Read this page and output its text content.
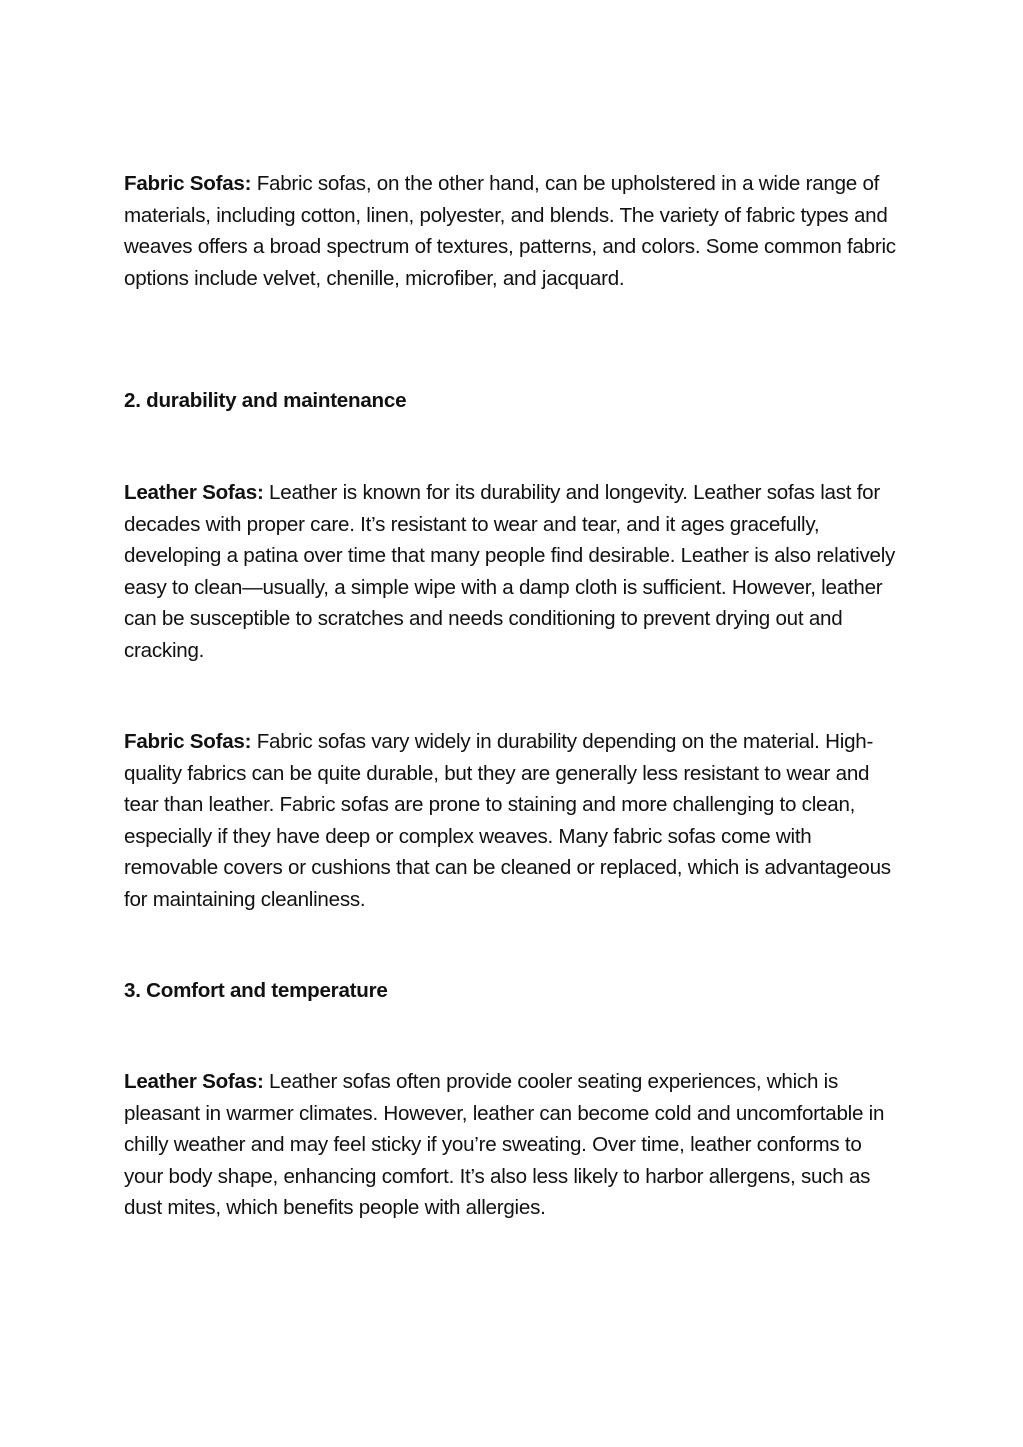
Fabric Sofas: Fabric sofas, on the other hand, can be upholstered in a wide range of materials, including cotton, linen, polyester, and blends. The variety of fabric types and weaves offers a broad spectrum of textures, patterns, and colors. Some common fabric options include velvet, chenille, microfiber, and jacquard.

2. durability and maintenance

Leather Sofas: Leather is known for its durability and longevity. Leather sofas last for decades with proper care. It’s resistant to wear and tear, and it ages gracefully, developing a patina over time that many people find desirable. Leather is also relatively easy to clean—usually, a simple wipe with a damp cloth is sufficient. However, leather can be susceptible to scratches and needs conditioning to prevent drying out and cracking.

Fabric Sofas: Fabric sofas vary widely in durability depending on the material. High-quality fabrics can be quite durable, but they are generally less resistant to wear and tear than leather. Fabric sofas are prone to staining and more challenging to clean, especially if they have deep or complex weaves. Many fabric sofas come with removable covers or cushions that can be cleaned or replaced, which is advantageous for maintaining cleanliness.

3. Comfort and temperature

Leather Sofas: Leather sofas often provide cooler seating experiences, which is pleasant in warmer climates. However, leather can become cold and uncomfortable in chilly weather and may feel sticky if you’re sweating. Over time, leather conforms to your body shape, enhancing comfort. It’s also less likely to harbor allergens, such as dust mites, which benefits people with allergies.
